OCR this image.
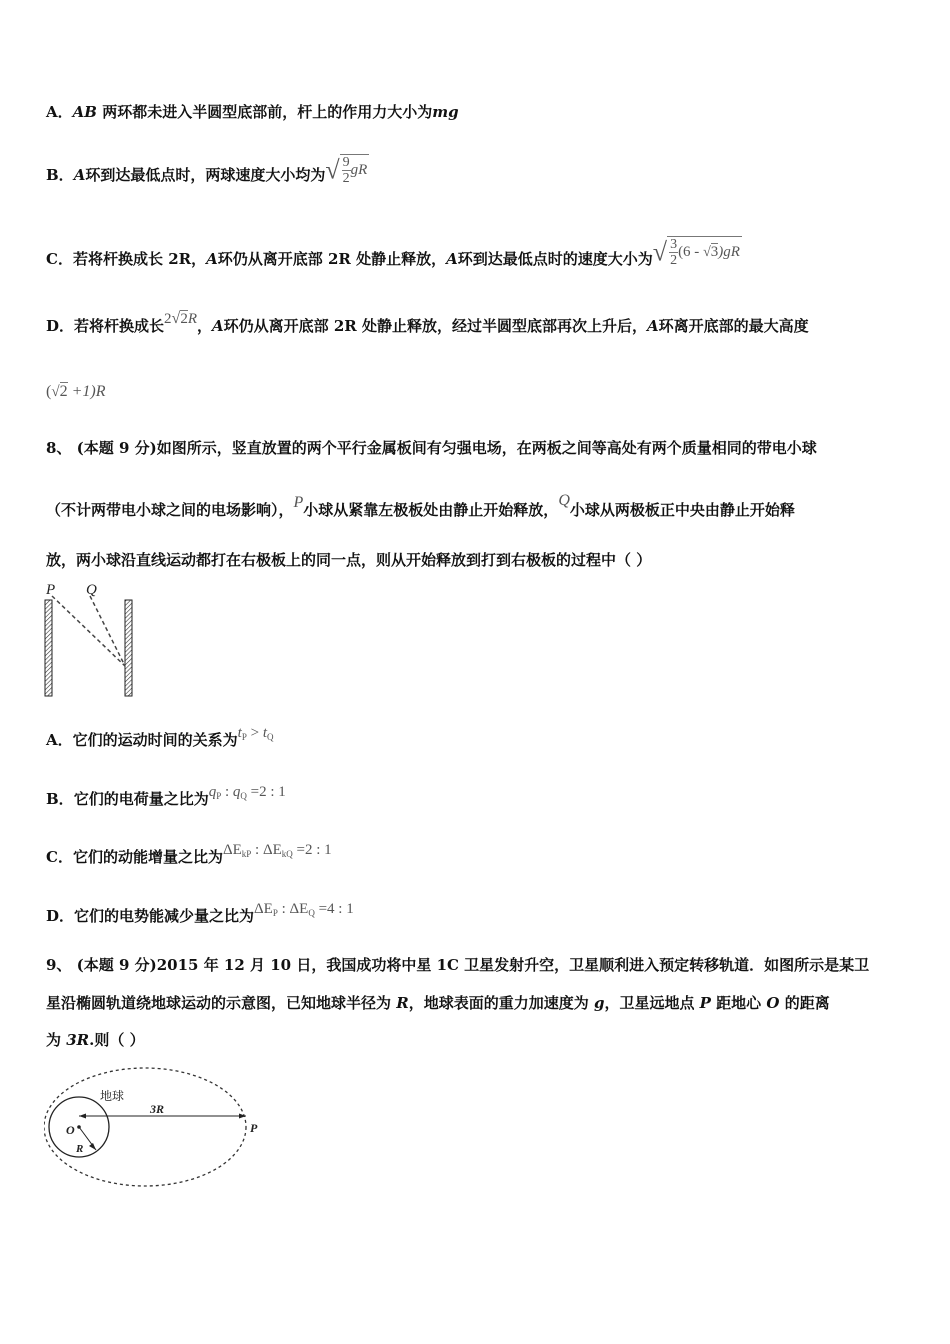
A．AB 两环都未进入半圆型底部前，杆上的作用力大小为mg
B．A环到达最低点时，两球速度大小均为√ $\frac{9}{2}$ gR
C．若将杆换成长 2R，A环仍从离开底部 2R 处静止释放，A环到达最低点时的速度大小为√ $\frac{3}{2} (6 - √3)gR$
D．若将杆换成长2√2R，A环仍从离开底部 2R 处静止释放，经过半圆型底部再次上升后，A环离开底部的最大高度
(√2 +1)R
8、 (本题 9 分)如图所示，竖直放置的两个平行金属板间有匀强电场，在两板之间等高处有两个质量相同的带电小球
（不计两带电小球之间的电场影响），P小球从紧靠左极板处由静止开始释放，Q小球从两极板正中央由静止开始释
放，两小球沿直线运动都打在右极板上的同一点，则从开始释放到打到右极板的过程中（ ）
P Q
A．它们的运动时间的关系为$t_P > t_Q$
B．它们的电荷量之比为$q_P$ : $q_Q =2$ : 1
C．它们的动能增量之比为$\Delta E_{kP}$ : $\Delta E_{kQ} =2$ : 1
D．它们的电势能减少量之比为$\Delta E_P$ : $\Delta E_Q =4$ : 1
9、 (本题 9 分)2015 年 12 月 10 日，我国成功将中星 1C 卫星发射升空，卫星顺利进入预定转移轨道．如图所示是某卫
星沿椭圆轨道绕地球运动的示意图，已知地球半径为 R，地球表面的重力加速度为 g，卫星远地点 P 距地心 O 的距离
为 3R.则（ ）
地球
3R
O
R
P
